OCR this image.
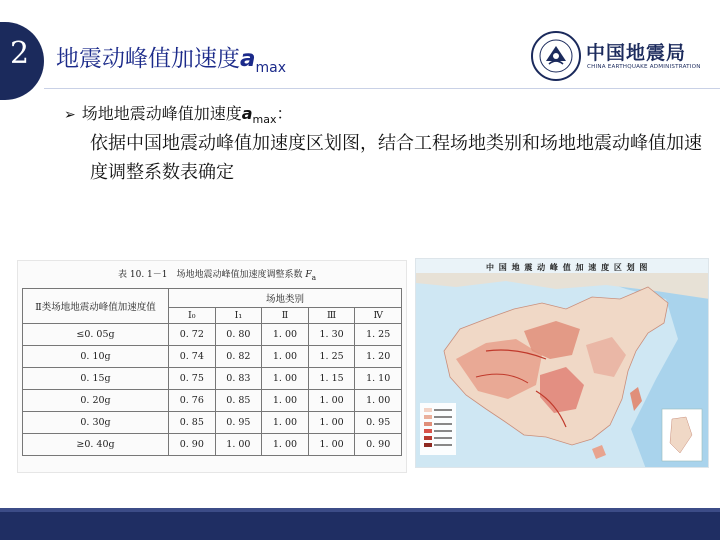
2 地震动峰值加速度$a_{max}$
中国地震局
CHINA EARTHQUAKE ADMINISTRATION
➢ 场地地震动峰值加速度$a_{max}$：
依据中国地震动峰值加速度区划图，结合工程场地类别和场地地震动峰值加速度调整系数表确定
表 10. 1－1　场地地震动峰值加速度调整系数 $F_a$
Ⅱ类场地地震动峰值加速度值	场地类别				
	Ⅰ₀	Ⅰ₁	Ⅱ	Ⅲ	Ⅳ
≤0. 05g	0. 72	0. 80	1. 00	1. 30	1. 25
0. 10g	0. 74	0. 82	1. 00	1. 25	1. 20
0. 15g	0. 75	0. 83	1. 00	1. 15	1. 10
0. 20g	0. 76	0. 85	1. 00	1. 00	1. 00
0. 30g	0. 85	0. 95	1. 00	1. 00	0. 95
≥0. 40g	0. 90	1. 00	1. 00	1. 00	0. 90
中 国 地 震 动 峰 值 加 速 度 区 划 图
